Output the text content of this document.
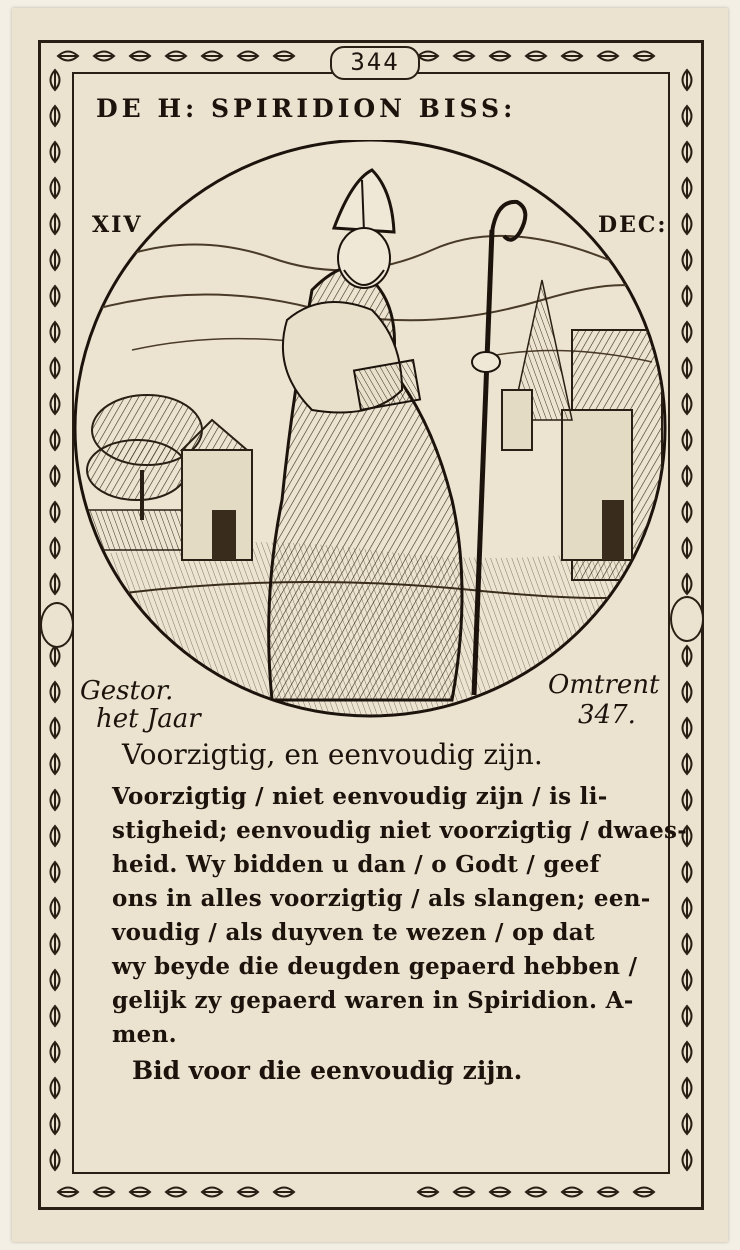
344
DE H: SPIRIDION BISS:
XIV	DEC:
Gestor.
het Jaar
Omtrent
347.
Voorzigtig, en eenvoudig zijn.
Voorzigtig / niet eenvoudig zijn / is li-
stigheid; eenvoudig niet voorzigtig / dwaes-
heid. Wy bidden u dan / o Godt / geef
ons in alles voorzigtig / als slangen; een-
voudig / als duyven te wezen / op dat
wy beyde die deugden gepaerd hebben /
gelijk zy gepaerd waren in Spiridion. A-
men.
Bid voor die eenvoudig zijn.
